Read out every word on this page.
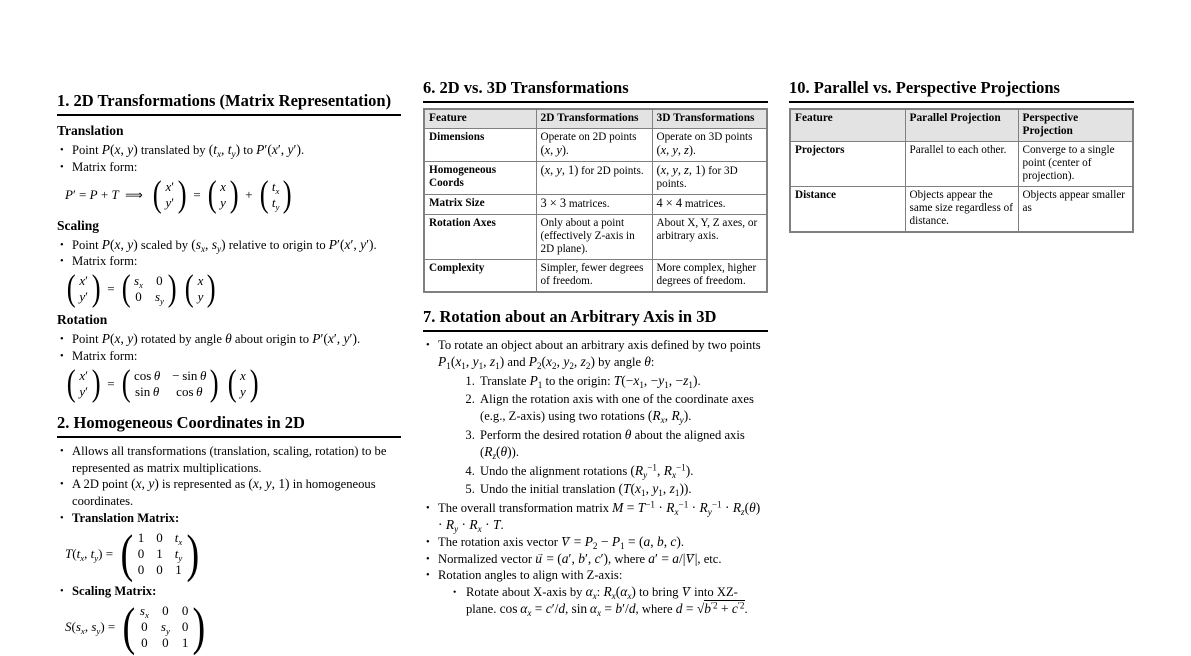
1. 2D Transformations (Matrix Representation)
Translation
• Point P(x, y) translated by ($t_x$, $t_y$) to P′(x′, y′).
• Matrix form:
P′ = P + T ⟹ ( x′
y′ ) = ( x
y ) + ( $t_x$
$t_y$ )
Scaling
• Point P(x, y) scaled by ($s_x$, $s_y$) relative to origin to P′(x′, y′).
• Matrix form:
( x′
y′ ) = ( $s_x$ 0
0 $s_y$ ) ( x
y )
Rotation
• Point P(x, y) rotated by angle θ about origin to P′(x′, y′).
• Matrix form:
( x′
y′ ) = ( cos θ − sin θ
sin θ cos θ ) ( x
y )
2. Homogeneous Coordinates in 2D
• Allows all transformations (translation, scaling, rotation) to be represented as matrix multiplications.
• A 2D point (x, y) is represented as (x, y, 1) in homogeneous coordinates.
• Translation Matrix:
$T(t_x$, $t_y$) = ( 1 0 $t_x$
0 1 $t_y$
0 0 1 )
• Scaling Matrix:
$S(s_x$, $s_y$) = ( $s_x$ 0 0
0 $s_y$ 0
0 0 1 )
6. 2D vs. 3D Transformations
Feature	2D Transformations	3D Transformations
Dimensions	Operate on 2D points (x, y).	Operate on 3D points (x, y, z).
Homogeneous Coords	(x, y, 1) for 2D points.	(x, y, z, 1) for 3D points.
Matrix Size	3 × 3 matrices.	4 × 4 matrices.
Rotation Axes	Only about a point (effectively Z-axis in 2D plane).	About X, Y, Z axes, or arbitrary axis.
Complexity	Simpler, fewer degrees of freedom.	More complex, higher degrees of freedom.
7. Rotation about an Arbitrary Axis in 3D
• To rotate an object about an arbitrary axis defined by two points $P_1(x_1$, $y_1$, $z_1$) and $P_2(x_2$, $y_2$, $z_2$) by angle θ:
1. Translate $P_1$ to the origin: $T(-x_1$, $-y_1$, $-z_1$).
2. Align the rotation axis with one of the coordinate axes (e.g., Z-axis) using two rotations ($R_x$, $R_y$).
3. Perform the desired rotation θ about the aligned axis $(R_z(\theta))$.
4. Undo the alignment rotations ($R_y^{-1}$, $R_x^{-1}$).
5. Undo the initial translation ($T(x_1$, $y_1$, $z_1$)).
• The overall transformation matrix $M = T^{-1} \cdot R_x^{-1} \cdot R_y^{-1} \cdot R_z(\theta) \cdot R_y \cdot R_x \cdot T$.
• The rotation axis vector V → = $P_2 - P_1 = (a$, b, c).
• Normalized vector u → = (a′, b′, c′), where a′ = a/|V →|, etc.
• Rotation angles to align with Z-axis:
• Rotate about X-axis by $\alpha_x$: $R_x(\alpha_x)$ to bring V → into XZ-plane. $\cos \alpha_x = c'/d$, $\sin \alpha_x = b'/d$, where $d = √b^{'2} + c^{'2}$.
10. Parallel vs. Perspective Projections
Feature	Parallel Projection	Perspective Projection
Projectors	Parallel to each other.	Converge to a single point (center of projection).
Distance	Objects appear the same size regardless of distance.	Objects appear smaller as
